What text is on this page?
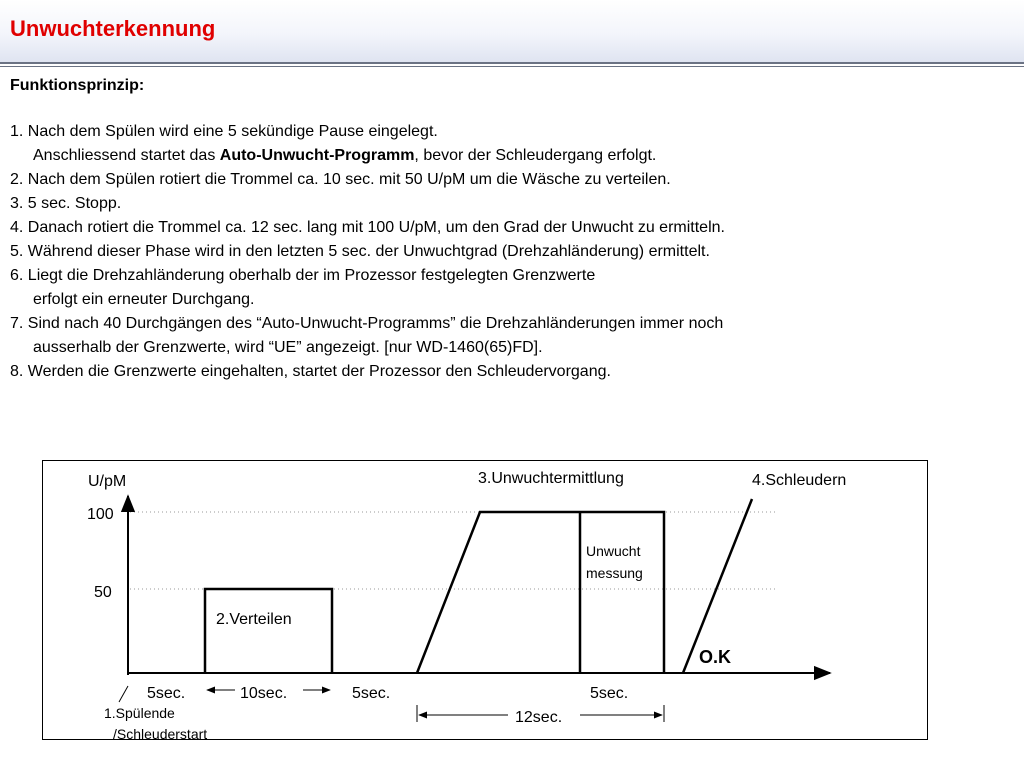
Unwuchterkennung
Funktionsprinzip:
1. Nach dem Spülen wird eine 5 sekündige Pause eingelegt.
Anschliessend startet das Auto-Unwucht-Programm, bevor der Schleudergang erfolgt.
2. Nach dem Spülen rotiert die Trommel ca. 10 sec. mit 50 U/pM um die Wäsche zu verteilen.
3. 5 sec. Stopp.
4. Danach rotiert die Trommel ca. 12 sec. lang mit 100 U/pM, um den Grad der Unwucht zu ermitteln.
5. Während dieser Phase wird in den letzten 5 sec. der Unwuchtgrad (Drehzahländerung) ermittelt.
6. Liegt die Drehzahländerung oberhalb der im Prozessor festgelegten Grenzwerte
erfolgt ein erneuter Durchgang.
7. Sind nach 40 Durchgängen des “Auto-Unwucht-Programms” die Drehzahländerungen immer noch
ausserhalb der Grenzwerte, wird “UE” angezeigt. [nur WD-1460(65)FD].
8. Werden die Grenzwerte eingehalten, startet der Prozessor den Schleudervorgang.
U/pM
100
50
2.Verteilen
3.Unwuchtermittlung
Unwucht
messung
4.Schleudern
O.K
5sec.	10sec.	5sec.	5sec.
12sec.
1.Spülende
/Schleuderstart
